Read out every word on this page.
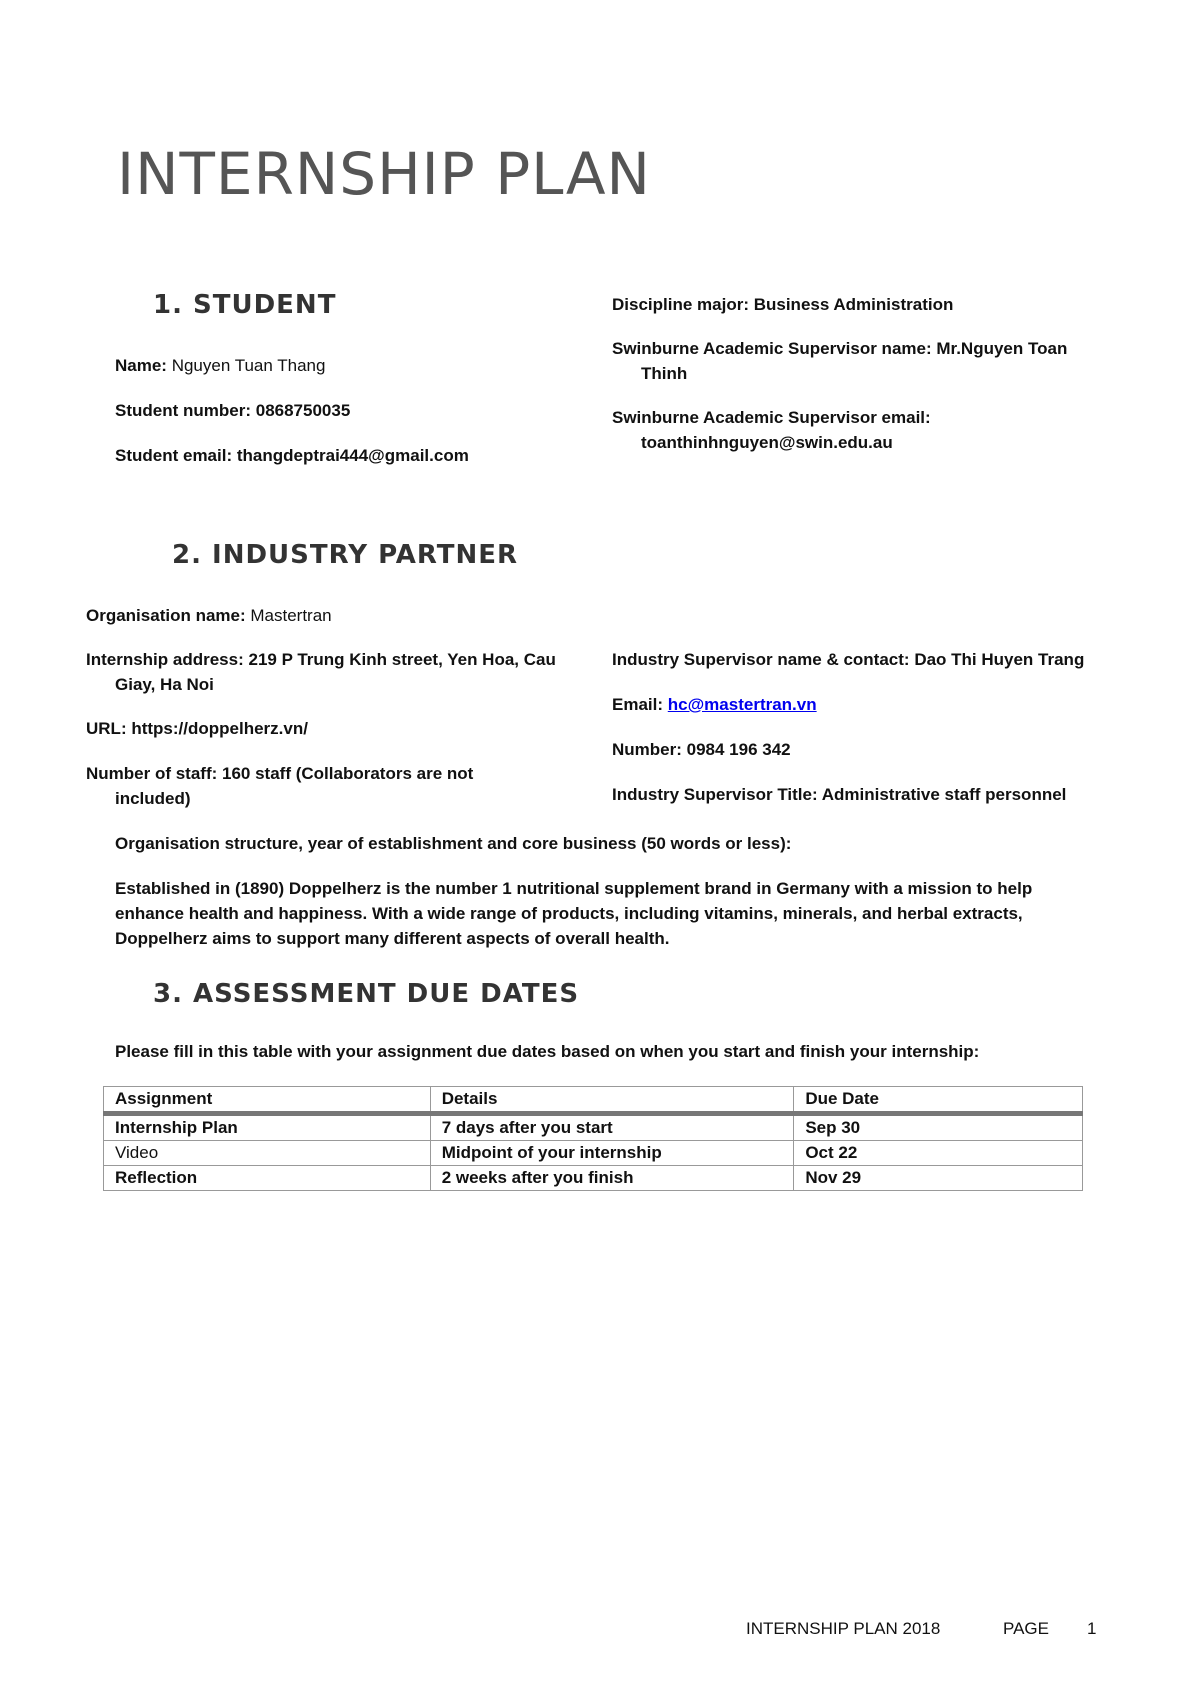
INTERNSHIP PLAN
1. STUDENT
Name: Nguyen Tuan Thang
Student number: 0868750035
Student email: thangdeptrai444@gmail.com
Discipline major: Business Administration
Swinburne Academic Supervisor name: Mr.Nguyen Toan
Thinh
Swinburne Academic Supervisor email:
toanthinhnguyen@swin.edu.au
2. INDUSTRY PARTNER
Organisation name: Mastertran
Internship address: 219 P Trung Kinh street, Yen Hoa, Cau
Giay, Ha Noi
URL: https://doppelherz.vn/
Number of staff: 160 staff (Collaborators are not
included)
Industry Supervisor name & contact: Dao Thi Huyen Trang
Email: hc@mastertran.vn
Number: 0984 196 342
Industry Supervisor Title: Administrative staff personnel
Organisation structure, year of establishment and core business (50 words or less):
Established in (1890) Doppelherz is the number 1 nutritional supplement brand in Germany with a mission to help
enhance health and happiness. With a wide range of products, including vitamins, minerals, and herbal extracts,
Doppelherz aims to support many different aspects of overall health.
3. ASSESSMENT DUE DATES
Please fill in this table with your assignment due dates based on when you start and finish your internship:
Assignment	Details	Due Date
Internship Plan	7 days after you start	Sep 30
Video	Midpoint of your internship	Oct 22
Reflection	2 weeks after you finish	Nov 29
INTERNSHIP PLAN 2018	PAGE 1
